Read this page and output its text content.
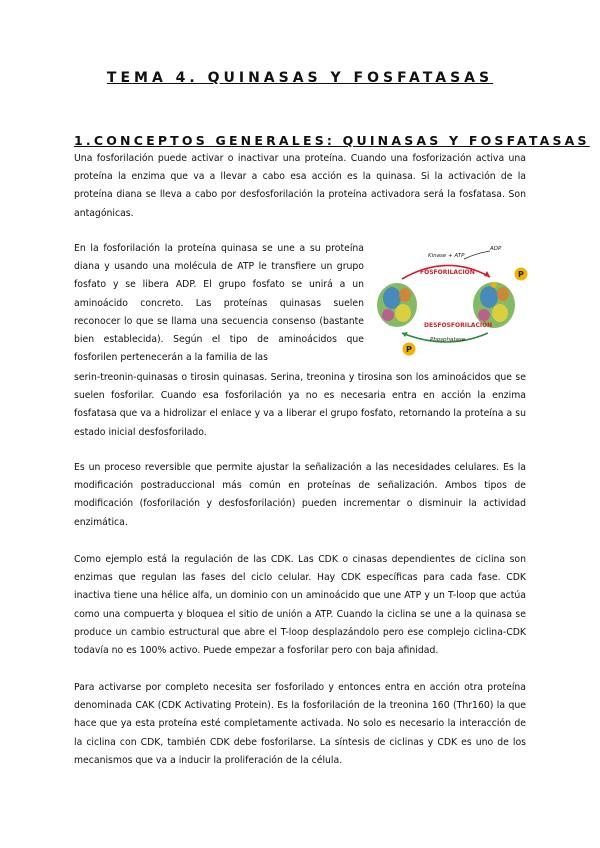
TEMA 4. QUINASAS Y FOSFATASAS
1.CONCEPTOS GENERALES: QUINASAS Y FOSFATASAS

Una fosforilación puede activar o inactivar una proteína. Cuando una fosforización activa una proteína la enzima que va a llevar a cabo esa acción es la quinasa. Si la activación de la proteína diana se lleva a cabo por desfosforilación la proteína activadora será la fosfatasa. Son antagónicas.

En la fosforilación la proteína quinasa se une a su proteína diana y usando una molécula de ATP le transfiere un grupo fosfato y se libera ADP. El grupo fosfato se unirá a un aminoácido concreto. Las proteínas quinasas suelen reconocer lo que se llama una secuencia consenso (bastante bien establecida). Según el tipo de aminoácidos que fosforilen pertenecerán a la familia de las

Kinase + ATP
ADP
FOSFORILACIÓN
DESFOSFORILACIÓN
Phosphatase
P
P

serin-treonin-quinasas o tirosin quinasas. Serina, treonina y tirosina son los aminoácidos que se suelen fosforilar. Cuando esa fosforilación ya no es necesaria entra en acción la enzima fosfatasa que va a hidrolizar el enlace y va a liberar el grupo fosfato, retornando la proteína a su estado inicial desfosforilado.

Es un proceso reversible que permite ajustar la señalización a las necesidades celulares. Es la modificación postraduccional más común en proteínas de señalización. Ambos tipos de modificación (fosforilación y desfosforilación) pueden incrementar o disminuir la actividad enzimática.

Como ejemplo está la regulación de las CDK. Las CDK o cinasas dependientes de ciclina son enzimas que regulan las fases del ciclo celular. Hay CDK específicas para cada fase. CDK inactiva tiene una hélice alfa, un dominio con un aminoácido que une ATP y un T-loop que actúa como una compuerta y bloquea el sitio de unión a ATP. Cuando la ciclina se une a la quinasa se produce un cambio estructural que abre el T-loop desplazándolo pero ese complejo ciclina-CDK todavía no es 100% activo. Puede empezar a fosforilar pero con baja afinidad.

Para activarse por completo necesita ser fosforilado y entonces entra en acción otra proteína denominada CAK (CDK Activating Protein). Es la fosforilación de la treonina 160 (Thr160) la que hace que ya esta proteína esté completamente activada. No solo es necesario la interacción de la ciclina con CDK, también CDK debe fosforilarse. La síntesis de ciclinas y CDK es uno de los mecanismos que va a inducir la proliferación de la célula.
